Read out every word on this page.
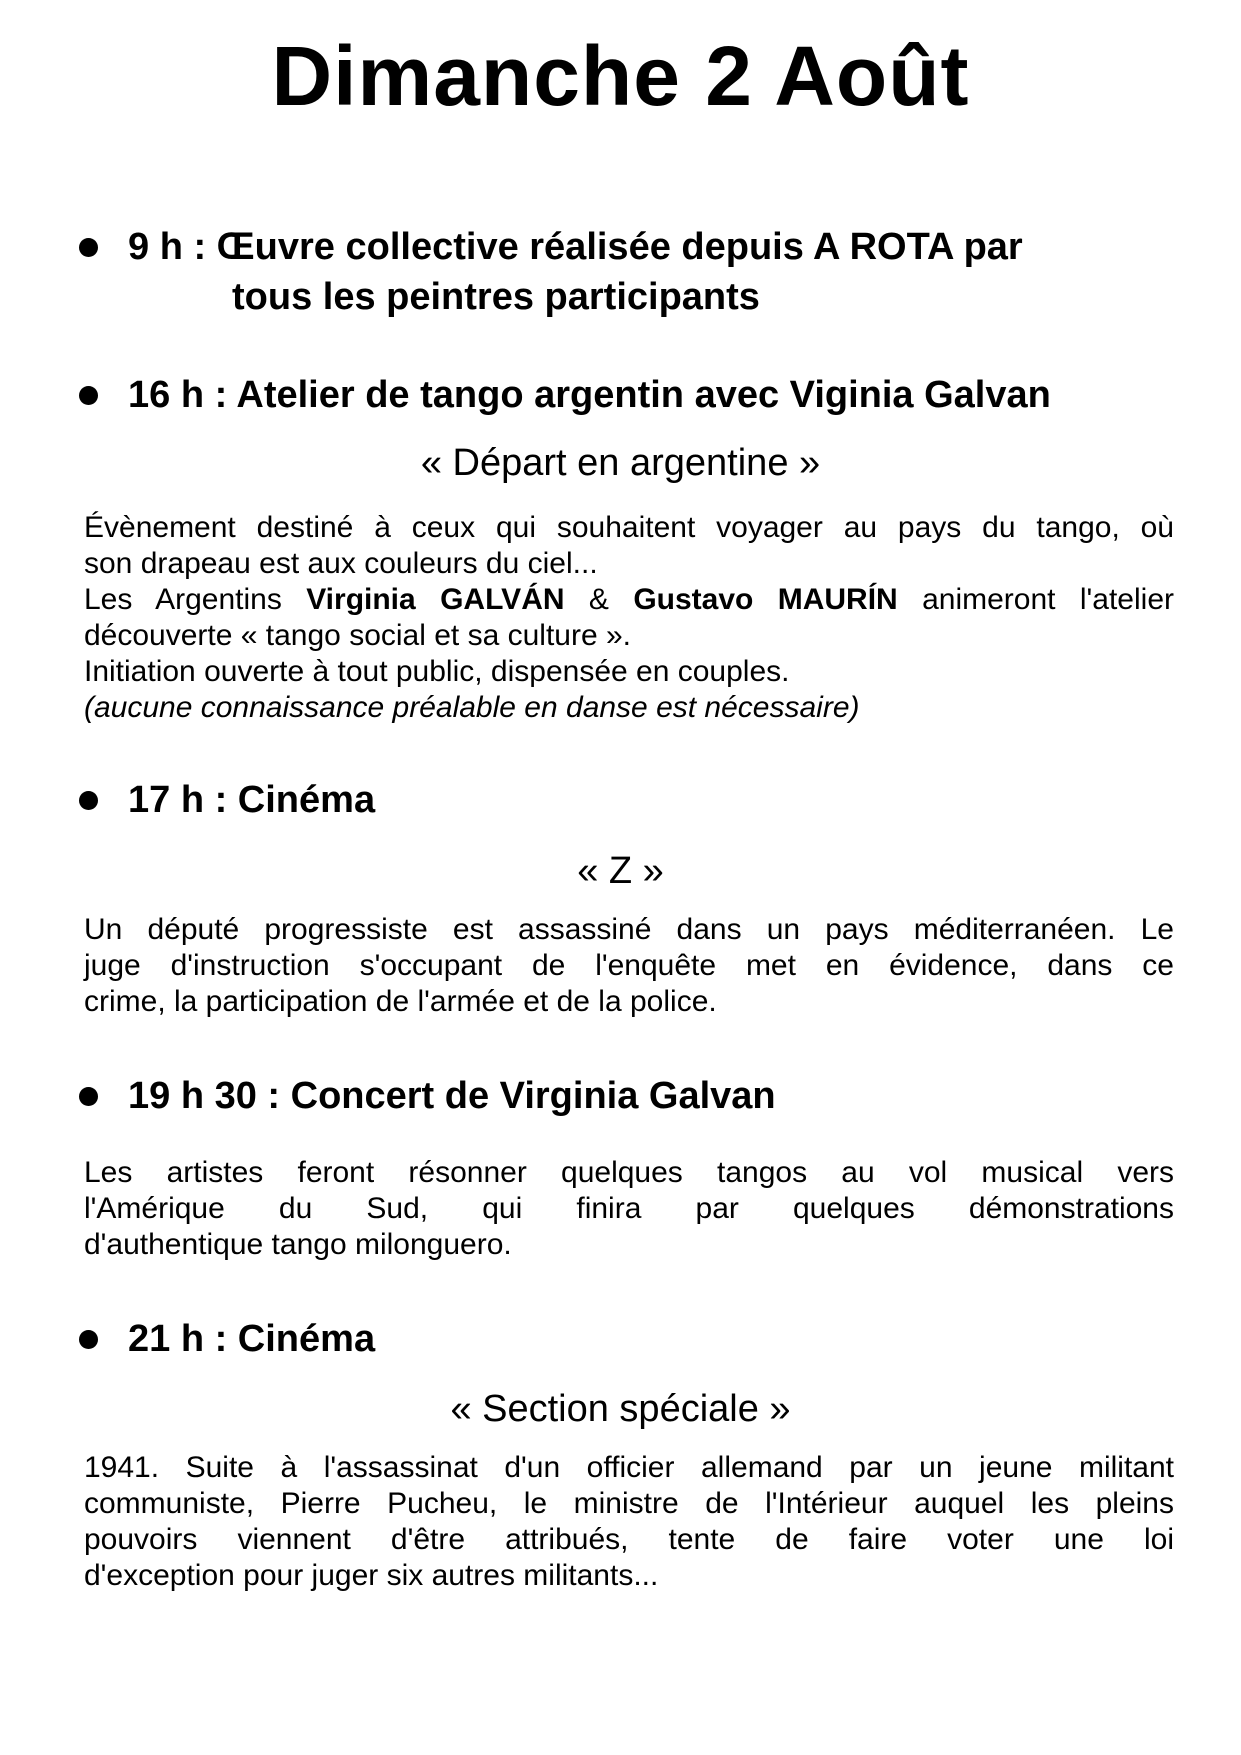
Dimanche 2 Août
9 h : Œuvre collective réalisée depuis A ROTA par
tous les peintres participants
16 h : Atelier de tango argentin avec Viginia Galvan
« Départ en argentine »
Évènement destiné à ceux qui souhaitent voyager au pays du tango, où
son drapeau est aux couleurs du ciel...
Les Argentins Virginia GALVÁN & Gustavo MAURÍN animeront l'atelier
découverte « tango social et sa culture ».
Initiation ouverte à tout public, dispensée en couples.
(aucune connaissance préalable en danse est nécessaire)
17 h : Cinéma
« Z »
Un député progressiste est assassiné dans un pays méditerranéen. Le
juge d'instruction s'occupant de l'enquête met en évidence, dans ce
crime, la participation de l'armée et de la police.
19 h 30 : Concert de Virginia Galvan
Les artistes feront résonner quelques tangos au vol musical vers
l'Amérique du Sud, qui finira par quelques démonstrations
d'authentique tango milonguero.
21 h : Cinéma
« Section spéciale »
1941. Suite à l'assassinat d'un officier allemand par un jeune militant
communiste, Pierre Pucheu, le ministre de l'Intérieur auquel les pleins
pouvoirs viennent d'être attribués, tente de faire voter une loi
d'exception pour juger six autres militants...
